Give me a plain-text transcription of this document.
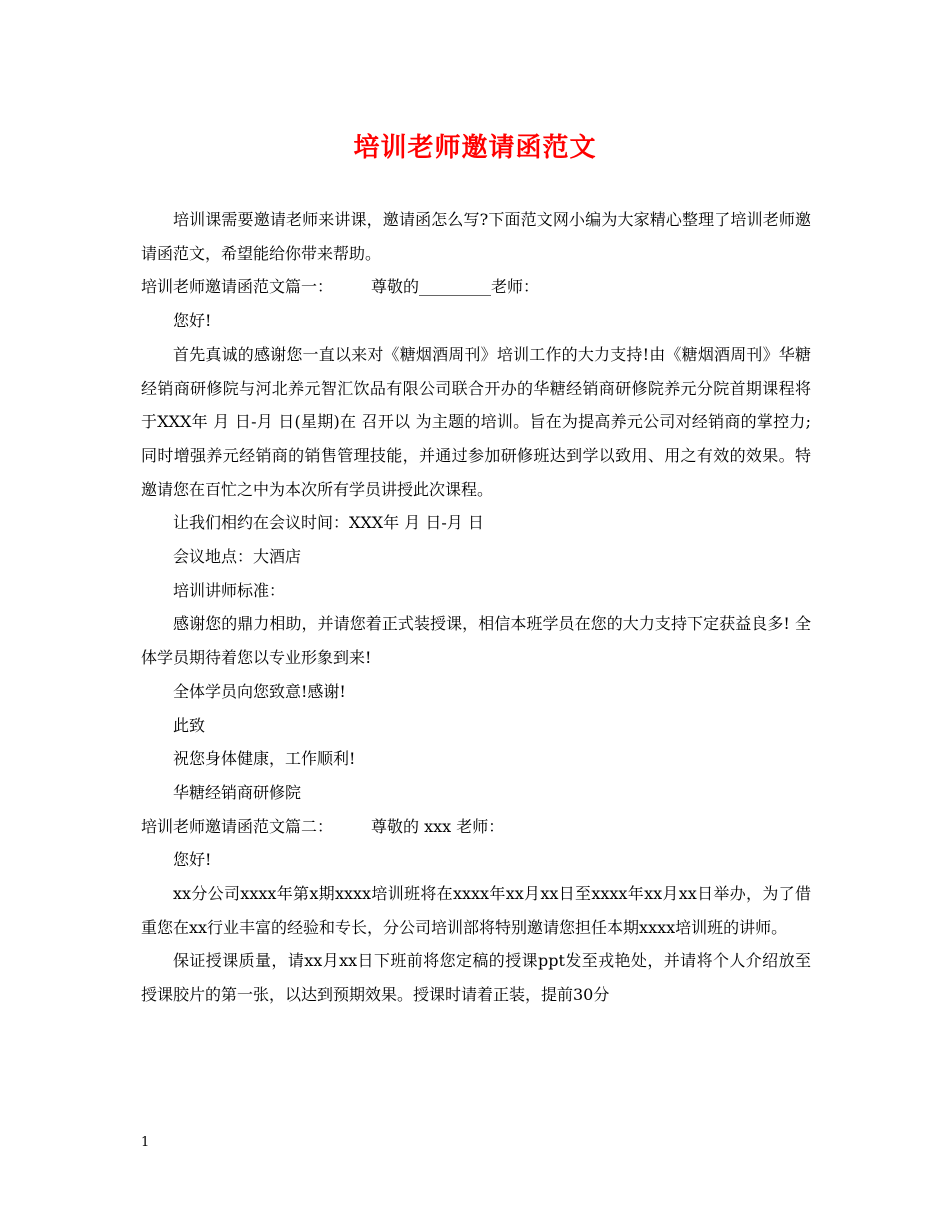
培训老师邀请函范文

培训课需要邀请老师来讲课，邀请函怎么写?下面范文网小编为大家精心整理了培训老师邀请函范文，希望能给你带来帮助。

培训老师邀请函范文篇一： 尊敬的_________老师：

您好!

首先真诚的感谢您一直以来对《糖烟酒周刊》培训工作的大力支持!由《糖烟酒周刊》华糖经销商研修院与河北养元智汇饮品有限公司联合开办的华糖经销商研修院养元分院首期课程将于XXX年 月 日-月 日(星期)在 召开以 为主题的培训。旨在为提高养元公司对经销商的掌控力;同时增强养元经销商的销售管理技能，并通过参加研修班达到学以致用、用之有效的效果。特邀请您在百忙之中为本次所有学员讲授此次课程。

让我们相约在会议时间：XXX年 月 日-月 日

会议地点：大酒店

培训讲师标准：

感谢您的鼎力相助，并请您着正式装授课，相信本班学员在您的大力支持下定获益良多! 全体学员期待着您以专业形象到来!

全体学员向您致意!感谢!

此致

祝您身体健康，工作顺利!

华糖经销商研修院

培训老师邀请函范文篇二： 尊敬的 xxx 老师：

您好!

xx分公司xxxx年第x期xxxx培训班将在xxxx年xx月xx日至xxxx年xx月xx日举办，为了借重您在xx行业丰富的经验和专长，分公司培训部将特别邀请您担任本期xxxx培训班的讲师。

保证授课质量，请xx月xx日下班前将您定稿的授课ppt发至戎艳处，并请将个人介绍放至授课胶片的第一张，以达到预期效果。授课时请着正装，提前30分

1
